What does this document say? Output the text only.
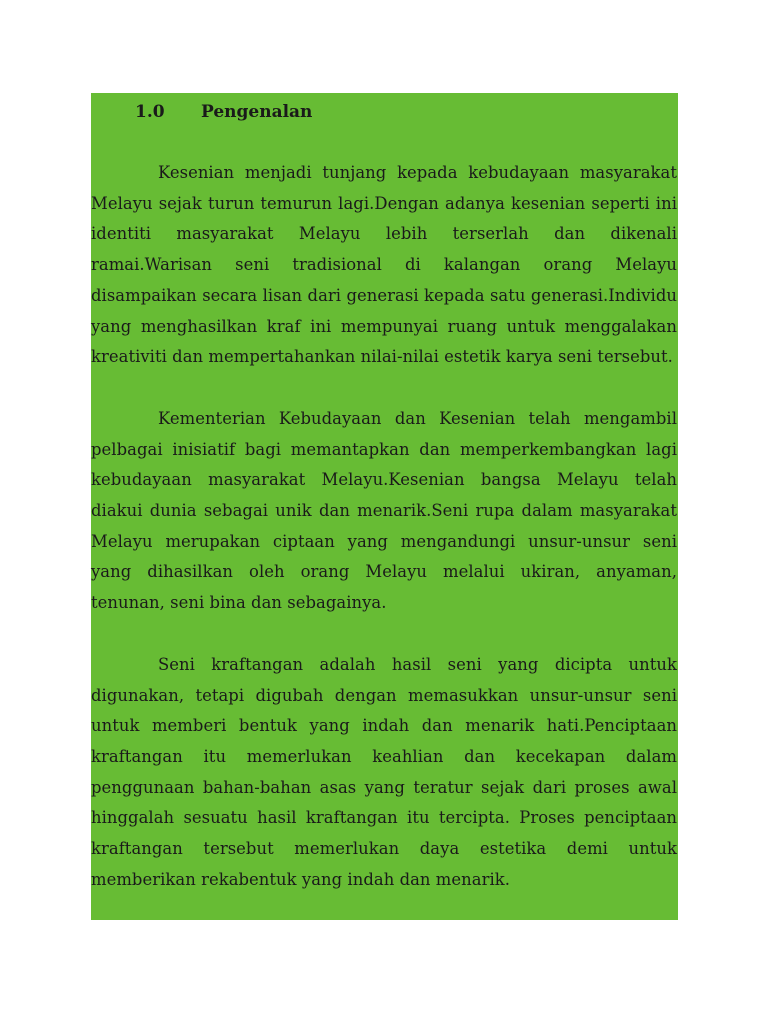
1.0 Pengenalan

Kesenian menjadi tunjang kepada kebudayaan masyarakat Melayu sejak turun temurun lagi.Dengan adanya kesenian seperti ini identiti masyarakat Melayu lebih terserlah dan dikenali ramai.Warisan seni tradisional di kalangan orang Melayu disampaikan secara lisan dari generasi kepada satu generasi.Individu yang menghasilkan kraf ini mempunyai ruang untuk menggalakan kreativiti dan mempertahankan nilai-nilai estetik karya seni tersebut.

Kementerian Kebudayaan dan Kesenian telah mengambil pelbagai inisiatif bagi memantapkan dan memperkembangkan lagi kebudayaan masyarakat Melayu.Kesenian bangsa Melayu telah diakui dunia sebagai unik dan menarik.Seni rupa dalam masyarakat Melayu merupakan ciptaan yang mengandungi unsur-unsur seni yang dihasilkan oleh orang Melayu melalui ukiran, anyaman, tenunan, seni bina dan sebagainya.

Seni kraftangan adalah hasil seni yang dicipta untuk digunakan, tetapi digubah dengan memasukkan unsur-unsur seni untuk memberi bentuk yang indah dan menarik hati.Penciptaan kraftangan itu memerlukan keahlian dan kecekapan dalam penggunaan bahan-bahan asas yang teratur sejak dari proses awal hinggalah sesuatu hasil kraftangan itu tercipta. Proses penciptaan kraftangan tersebut memerlukan daya estetika demi untuk memberikan rekabentuk yang indah dan menarik.
